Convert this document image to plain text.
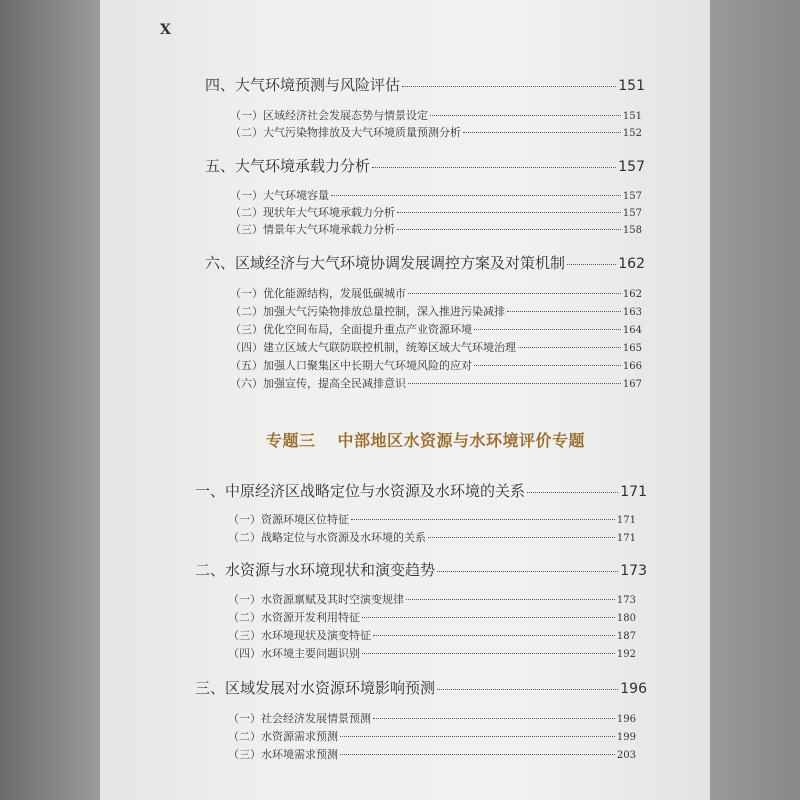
X
四、大气环境预测与风险评估	151
（一）区域经济社会发展态势与情景设定	151
（二）大气污染物排放及大气环境质量预测分析	152
五、大气环境承载力分析	157
（一）大气环境容量	157
（二）现状年大气环境承载力分析	157
（三）情景年大气环境承载力分析	158
六、区域经济与大气环境协调发展调控方案及对策机制	162
（一）优化能源结构，发展低碳城市	162
（二）加强大气污染物排放总量控制，深入推进污染减排	163
（三）优化空间布局，全面提升重点产业资源环境	164
（四）建立区域大气联防联控机制，统筹区域大气环境治理	165
（五）加强人口聚集区中长期大气环境风险的应对	166
（六）加强宣传，提高全民减排意识	167
专题三 中部地区水资源与水环境评价专题
一、中原经济区战略定位与水资源及水环境的关系	171
（一）资源环境区位特征	171
（二）战略定位与水资源及水环境的关系	171
二、水资源与水环境现状和演变趋势	173
（一）水资源禀赋及其时空演变规律	173
（二）水资源开发利用特征	180
（三）水环境现状及演变特征	187
（四）水环境主要问题识别	192
三、区域发展对水资源环境影响预测	196
（一）社会经济发展情景预测	196
（二）水资源需求预测	199
（三）水环境需求预测	203
